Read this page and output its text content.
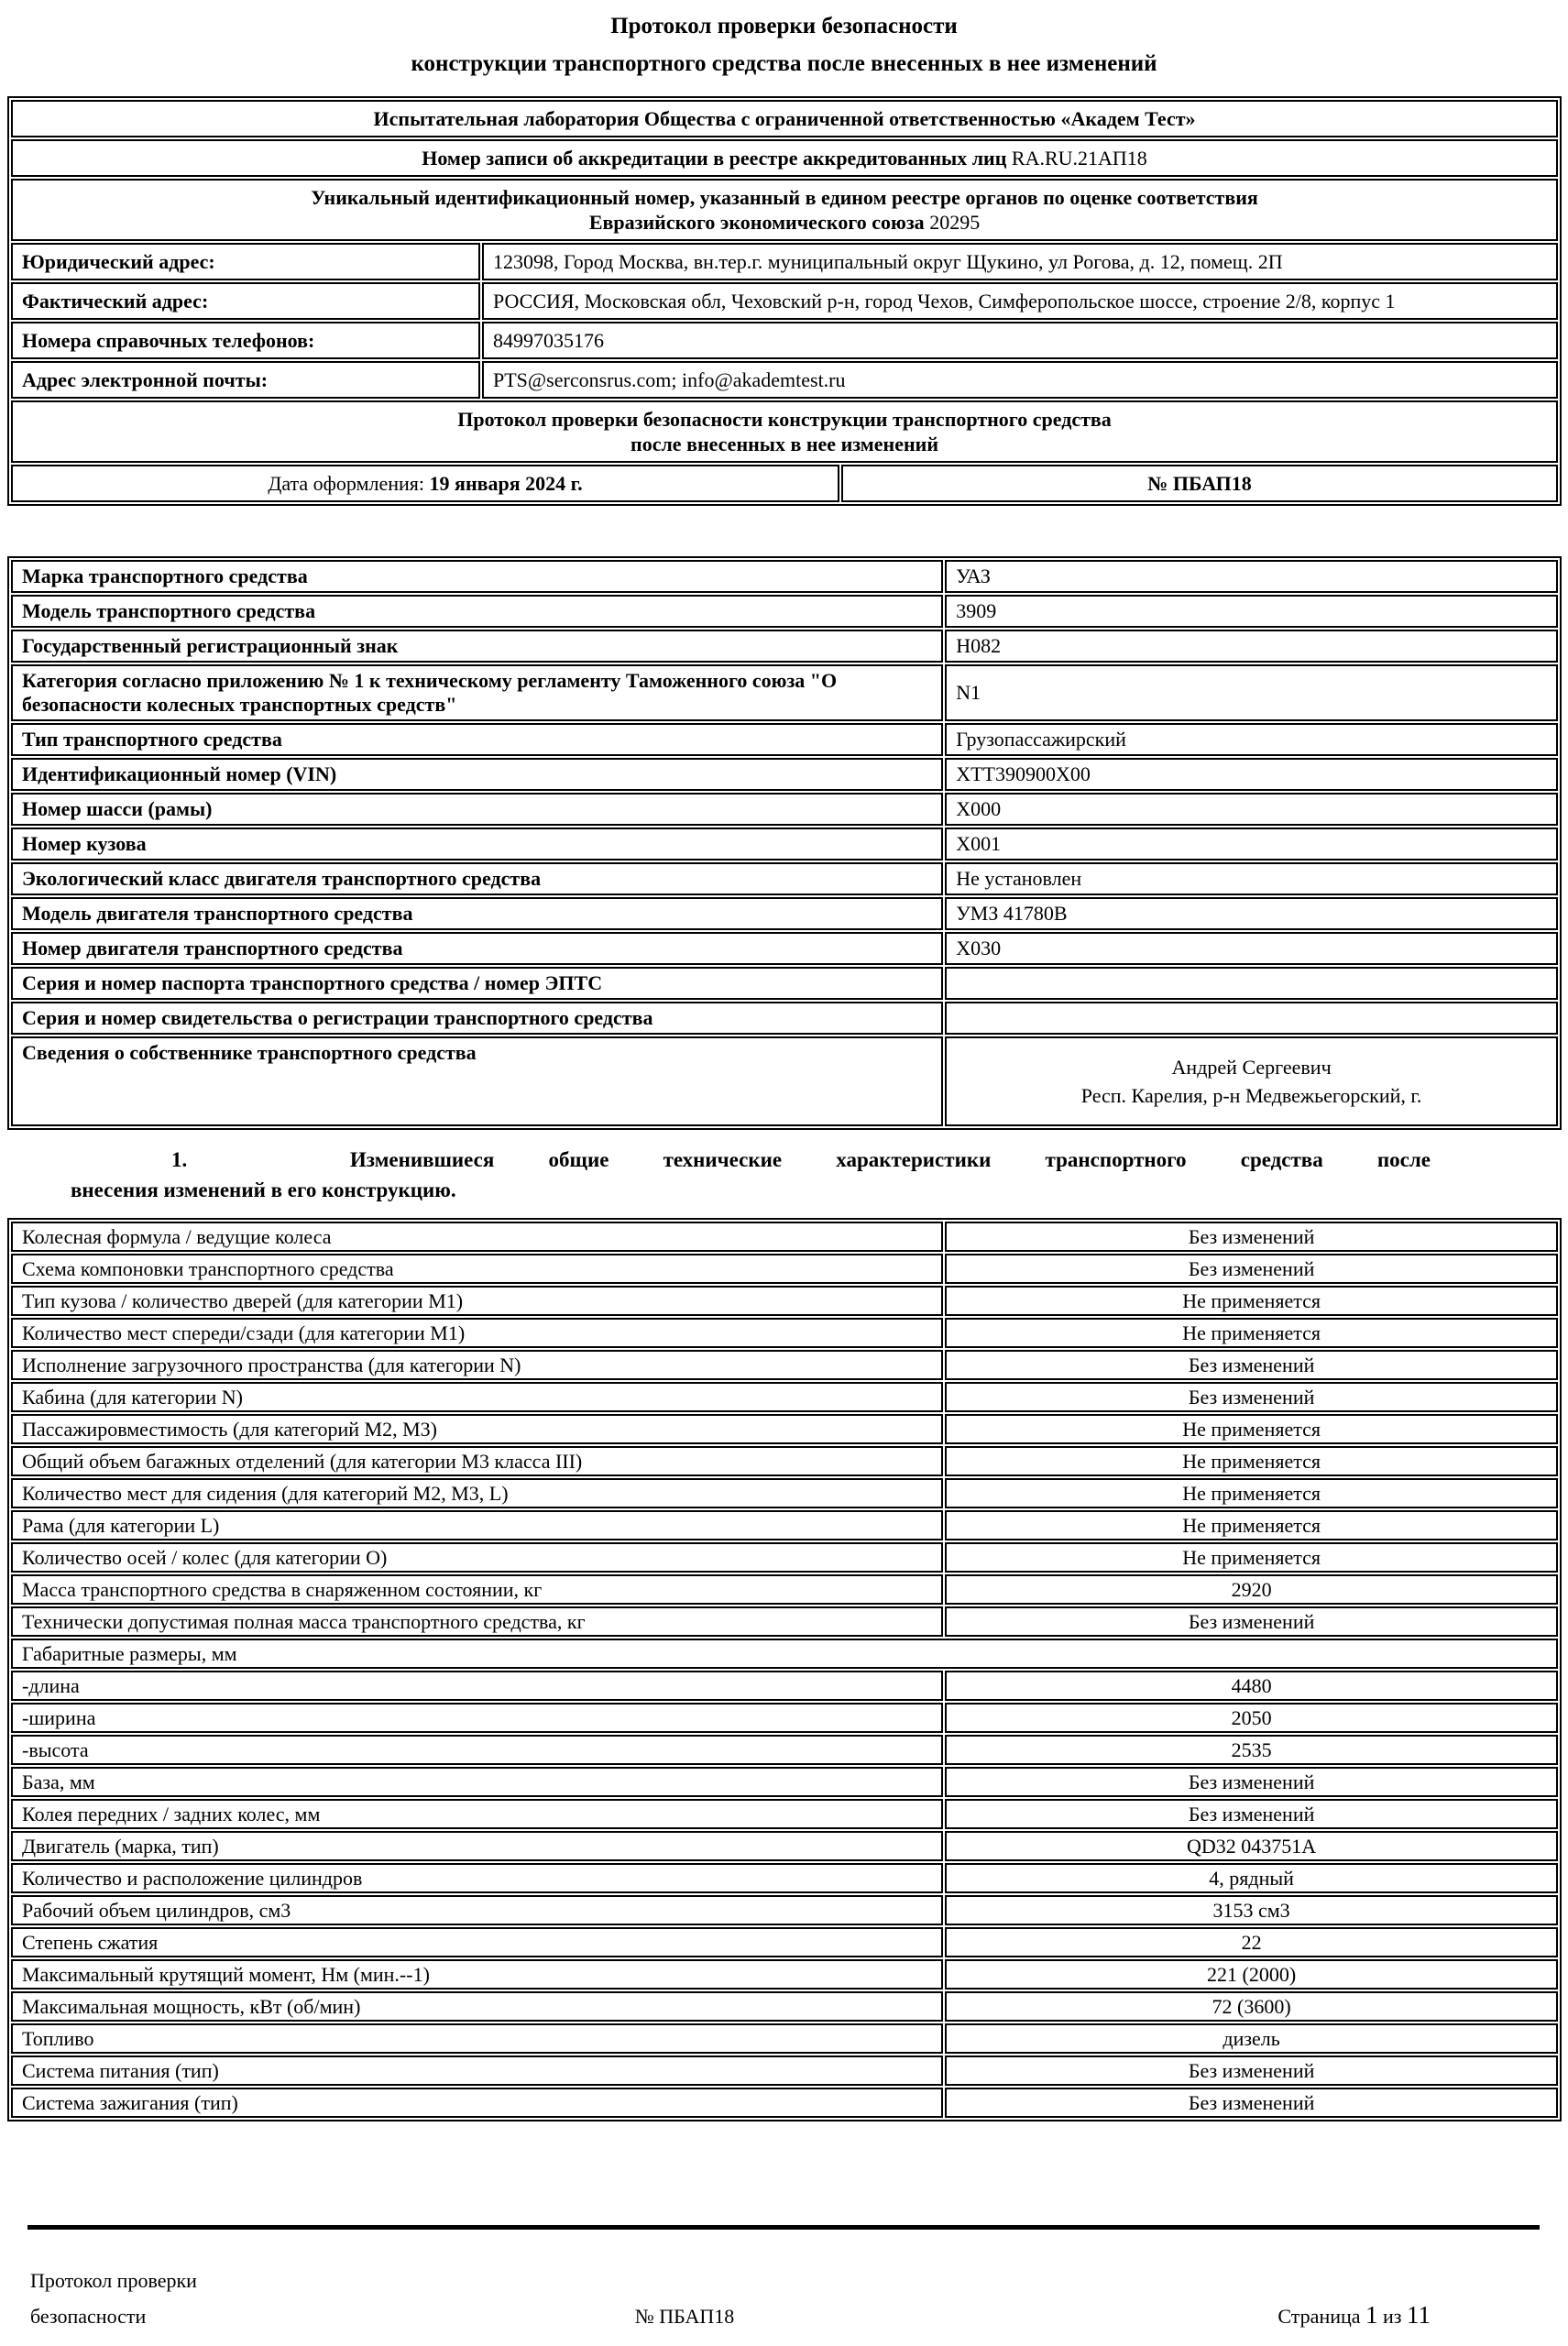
Протокол проверки безопасности
конструкции транспортного средства после внесенных в нее изменений
Испытательная лаборатория Общества с ограниченной ответственностью «Академ Тест»		
Номер записи об аккредитации в реестре аккредитованных лиц RA.RU.21АП18		

Уникальный идентификационный номер, указанный в едином реестре органов по оценке соответствия
Евразийского экономического союза 20295		

Юридический адрес:	123098, Город Москва, вн.тер.г. муниципальный округ Щукино, ул Рогова, д. 12, помещ. 2П	
Фактический адрес:	РОССИЯ, Московская обл, Чеховский р-н, город Чехов, Симферопольское шоссе, строение 2/8, корпус 1	
Номера справочных телефонов:	84997035176	
Адрес электронной почты:	PTS@serconsrus.com; info@akademtest.ru	

Протокол проверки безопасности конструкции транспортного средства
после внесенных в нее изменений		

Дата оформления: 19 января 2024 г.		№ ПБАП18
Марка транспортного средства	УАЗ
Модель транспортного средства	3909
Государственный регистрационный знак	Н082
Категория согласно приложению № 1 к техническому регламенту Таможенного союза "О безопасности колесных транспортных средств"	N1
Тип транспортного средства	Грузопассажирский
Идентификационный номер (VIN)	XTT390900X00
Номер шасси (рамы)	X000
Номер кузова	X001
Экологический класс двигателя транспортного средства	Не установлен
Модель двигателя транспортного средства	УМЗ 41780В
Номер двигателя транспортного средства	Х030
Серия и номер паспорта транспортного средства / номер ЭПТС	
Серия и номер свидетельства о регистрации транспортного средства	
Сведения о собственнике транспортного средства	Андрей Сергеевич
Респ. Карелия, р-н Медвежьегорский, г.
1.   Изменившиеся общие технические характеристики транспортного средства после
внесения изменений в его конструкцию.
Колесная формула / ведущие колеса	Без изменений
Схема компоновки транспортного средства	Без изменений
Тип кузова / количество дверей (для категории М1)	Не применяется
Количество мест спереди/сзади (для категории М1)	Не применяется
Исполнение загрузочного пространства (для категории N)	Без изменений
Кабина (для категории N)	Без изменений
Пассажировместимость (для категорий М2, М3)	Не применяется
Общий объем багажных отделений (для категории М3 класса III)	Не применяется
Количество мест для сидения (для категорий М2, М3, L)	Не применяется
Рама (для категории L)	Не применяется
Количество осей / колес (для категории О)	Не применяется
Масса транспортного средства в снаряженном состоянии, кг	2920
Технически допустимая полная масса транспортного средства, кг	Без изменений
Габаритные размеры, мм	
-длина	4480
-ширина	2050
-высота	2535
База, мм	Без изменений
Колея передних / задних колес, мм	Без изменений
Двигатель (марка, тип)	QD32 043751A
Количество и расположение цилиндров	4, рядный
Рабочий объем цилиндров, см3	3153 см3
Степень сжатия	22
Максимальный крутящий момент, Нм (мин.--1)	221 (2000)
Максимальная мощность, кВт (об/мин)	72 (3600)
Топливо	дизель
Система питания (тип)	Без изменений
Система зажигания (тип)	Без изменений
Протокол проверки
безопасности	№ ПБАП18	Страница 1 из 11
